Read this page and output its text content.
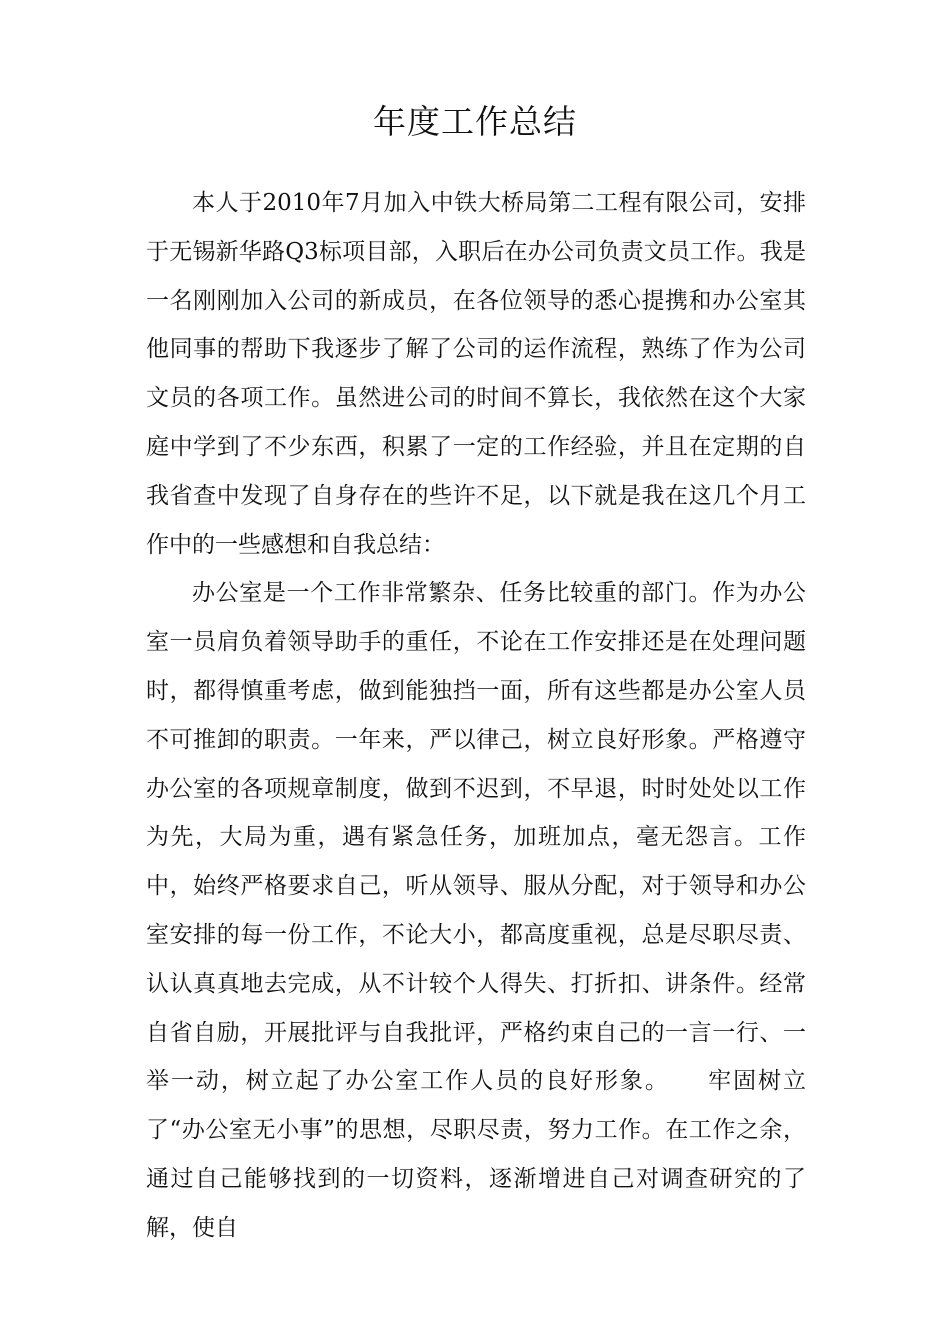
年度工作总结

本人于2010年7月加入中铁大桥局第二工程有限公司，安排于无锡新华路Q3标项目部，入职后在办公司负责文员工作。我是一名刚刚加入公司的新成员，在各位领导的悉心提携和办公室其他同事的帮助下我逐步了解了公司的运作流程，熟练了作为公司文员的各项工作。虽然进公司的时间不算长，我依然在这个大家庭中学到了不少东西，积累了一定的工作经验，并且在定期的自我省查中发现了自身存在的些许不足，以下就是我在这几个月工作中的一些感想和自我总结：

办公室是一个工作非常繁杂、任务比较重的部门。作为办公室一员肩负着领导助手的重任，不论在工作安排还是在处理问题时，都得慎重考虑，做到能独挡一面，所有这些都是办公室人员不可推卸的职责。一年来，严以律己，树立良好形象。严格遵守办公室的各项规章制度，做到不迟到，不早退，时时处处以工作为先，大局为重，遇有紧急任务，加班加点，毫无怨言。工作中，始终严格要求自己，听从领导、服从分配，对于领导和办公室安排的每一份工作，不论大小，都高度重视，总是尽职尽责、认认真真地去完成，从不计较个人得失、打折扣、讲条件。经常自省自励，开展批评与自我批评，严格约束自己的一言一行、一举一动，树立起了办公室工作人员的良好形象。　　牢固树立了“办公室无小事”的思想，尽职尽责，努力工作。在工作之余，通过自己能够找到的一切资料，逐渐增进自己对调查研究的了解，使自
